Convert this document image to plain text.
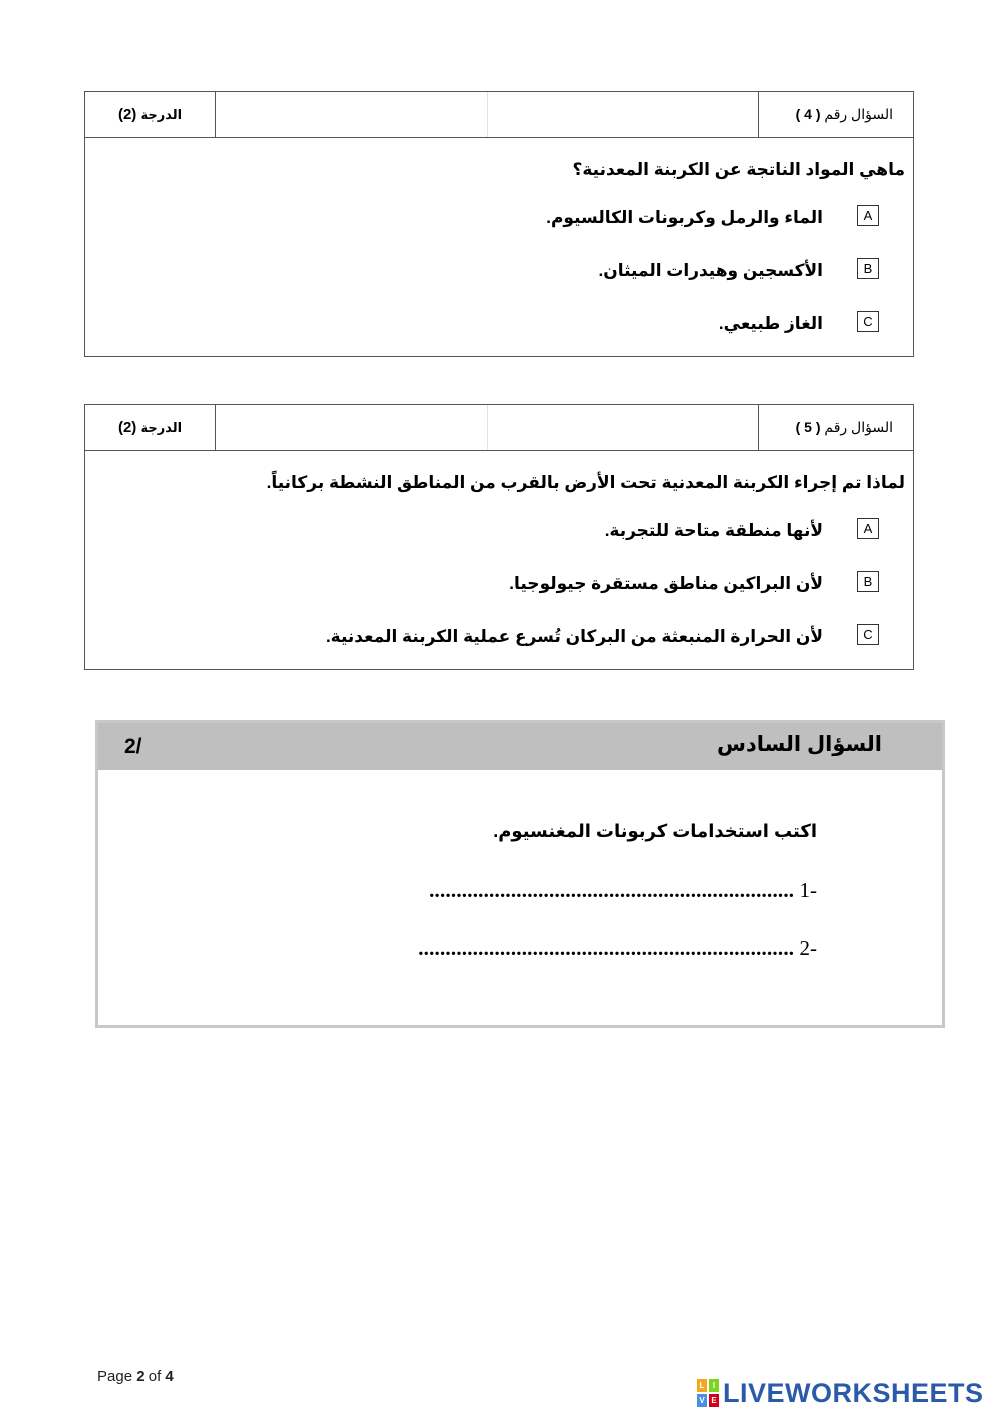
السؤال رقم ( 4 )
الدرجة (2)
ماهي المواد الناتجة عن الكربنة المعدنية؟
A
الماء والرمل وكربونات الكالسيوم.
B
الأكسجين وهيدرات الميثان.
C
الغاز طبيعي.
السؤال رقم ( 5 )
الدرجة (2)
لماذا تم إجراء الكربنة المعدنية تحت الأرض بالقرب من المناطق النشطة بركانياً.
A
لأنها منطقة متاحة للتجربة.
B
لأن البراكين مناطق مستقرة جيولوجيا.
C
لأن الحرارة المنبعثة من البركان تُسرع عملية الكربنة المعدنية.
السؤال السادس
2/
اكتب استخدامات كربونات المغنسيوم.
-1 ...................................................................
-2 .....................................................................
Page 2 of 4
L	I
V E LIVEWORKSHEETS
